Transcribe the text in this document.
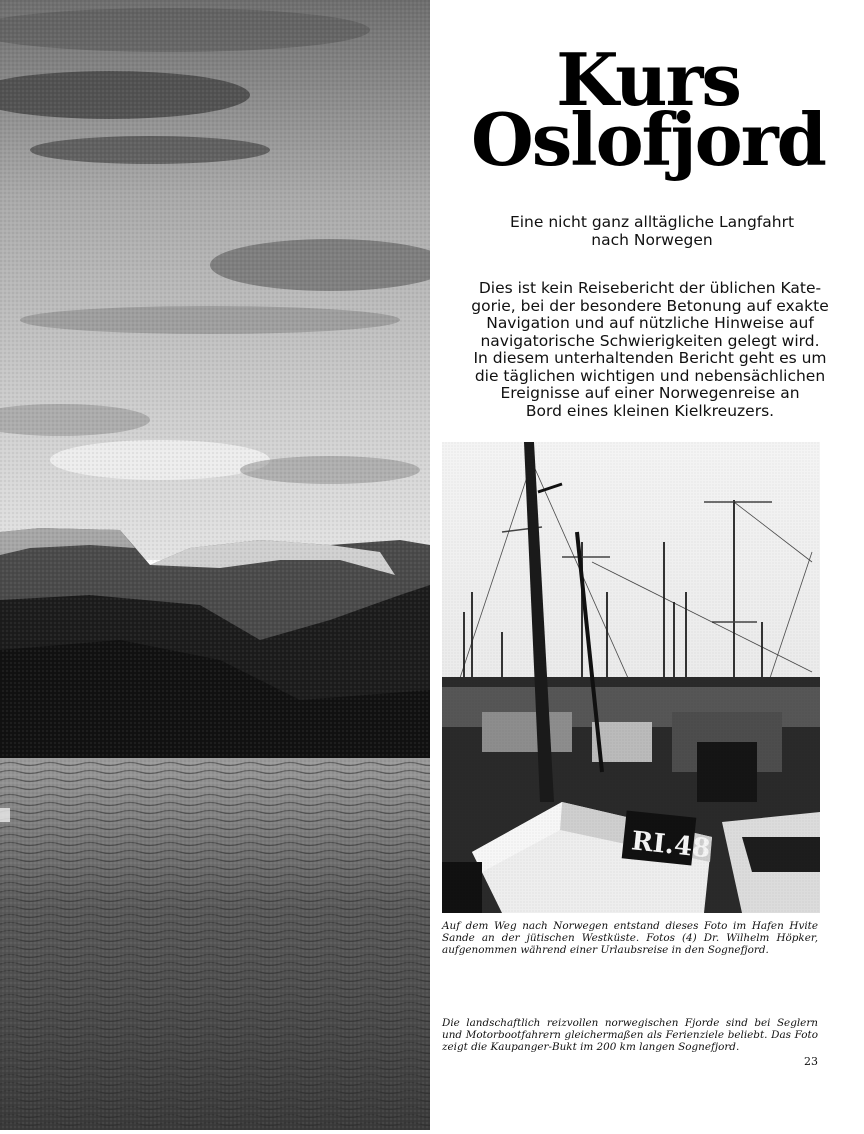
Kurs
Oslofjord
Eine nicht ganz alltägliche Langfahrt
nach Norwegen
Dies ist kein Reisebericht der üblichen Kate-
gorie, bei der besondere Betonung auf exakte
Navigation und auf nützliche Hinweise auf
navigatorische Schwierigkeiten gelegt wird.
In diesem unterhaltenden Bericht geht es um
die täglichen wichtigen und nebensächlichen
Ereignisse auf einer Norwegenreise an
Bord eines kleinen Kielkreuzers.
Auf dem Weg nach Norwegen entstand dieses Foto im Hafen Hvite Sande an der jütischen Westküste. Fotos (4) Dr. Wilhelm Höpker, aufgenommen während einer Urlaubsreise in den Sognefjord.
Die landschaftlich reizvollen norwegischen Fjorde sind bei Seglern und Motorbootfahrern gleichermaßen als Ferienziele beliebt. Das Foto zeigt die Kaupanger-Bukt im 200 km langen Sognefjord.
23
